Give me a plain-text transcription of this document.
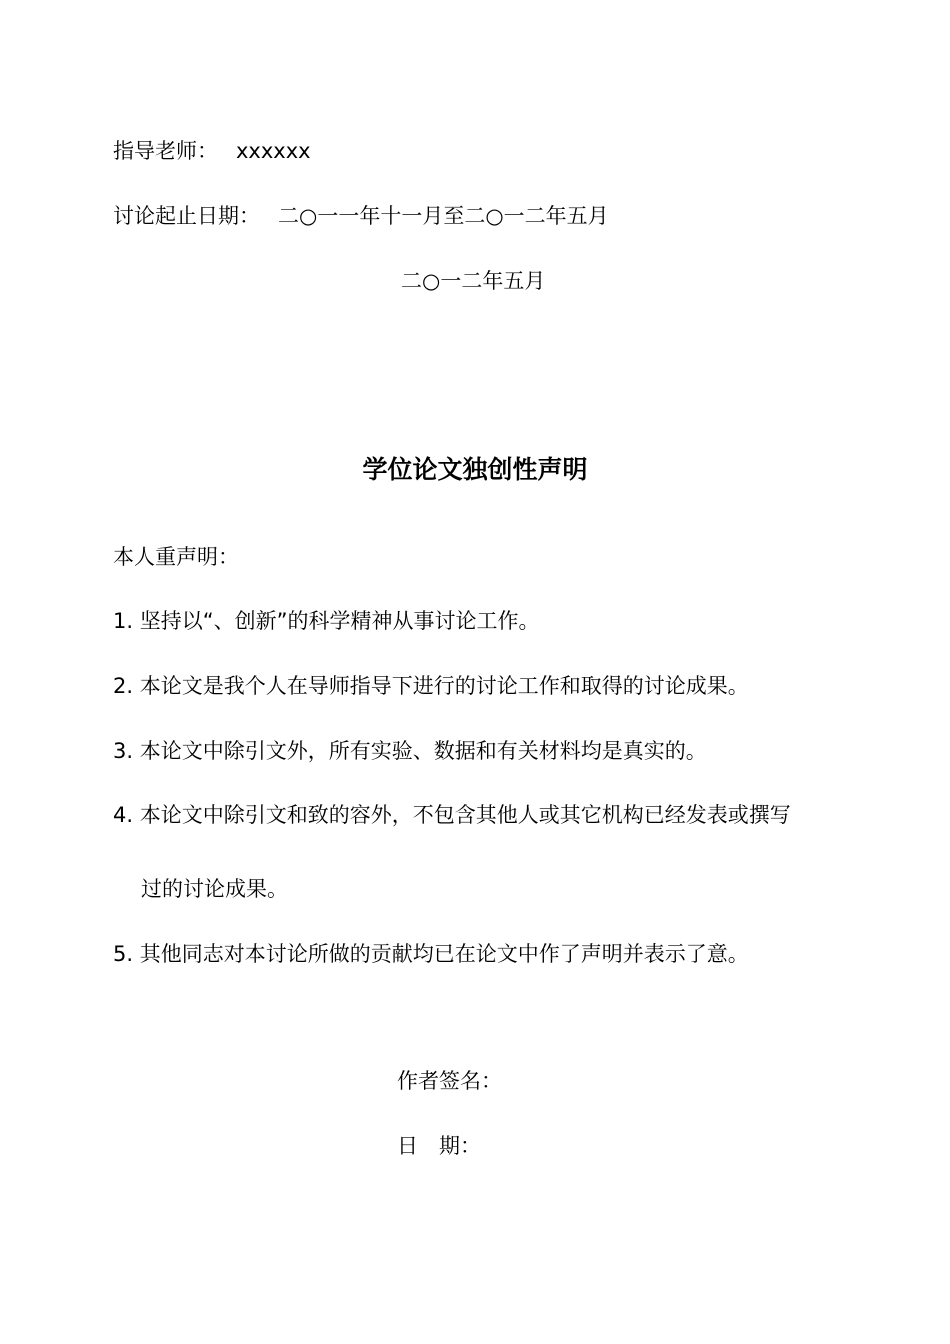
指导老师： xxxxxx
讨论起止日期： 二○一一年十一月至二○一二年五月
二○一二年五月
学位论文独创性声明
本人重声明：
1. 坚持以“、创新”的科学精神从事讨论工作。
2. 本论文是我个人在导师指导下进行的讨论工作和取得的讨论成果。
3. 本论文中除引文外，所有实验、数据和有关材料均是真实的。
4. 本论文中除引文和致的容外，不包含其他人或其它机构已经发表或撰写
过的讨论成果。
5. 其他同志对本讨论所做的贡献均已在论文中作了声明并表示了意。
作者签名：
日　期：
